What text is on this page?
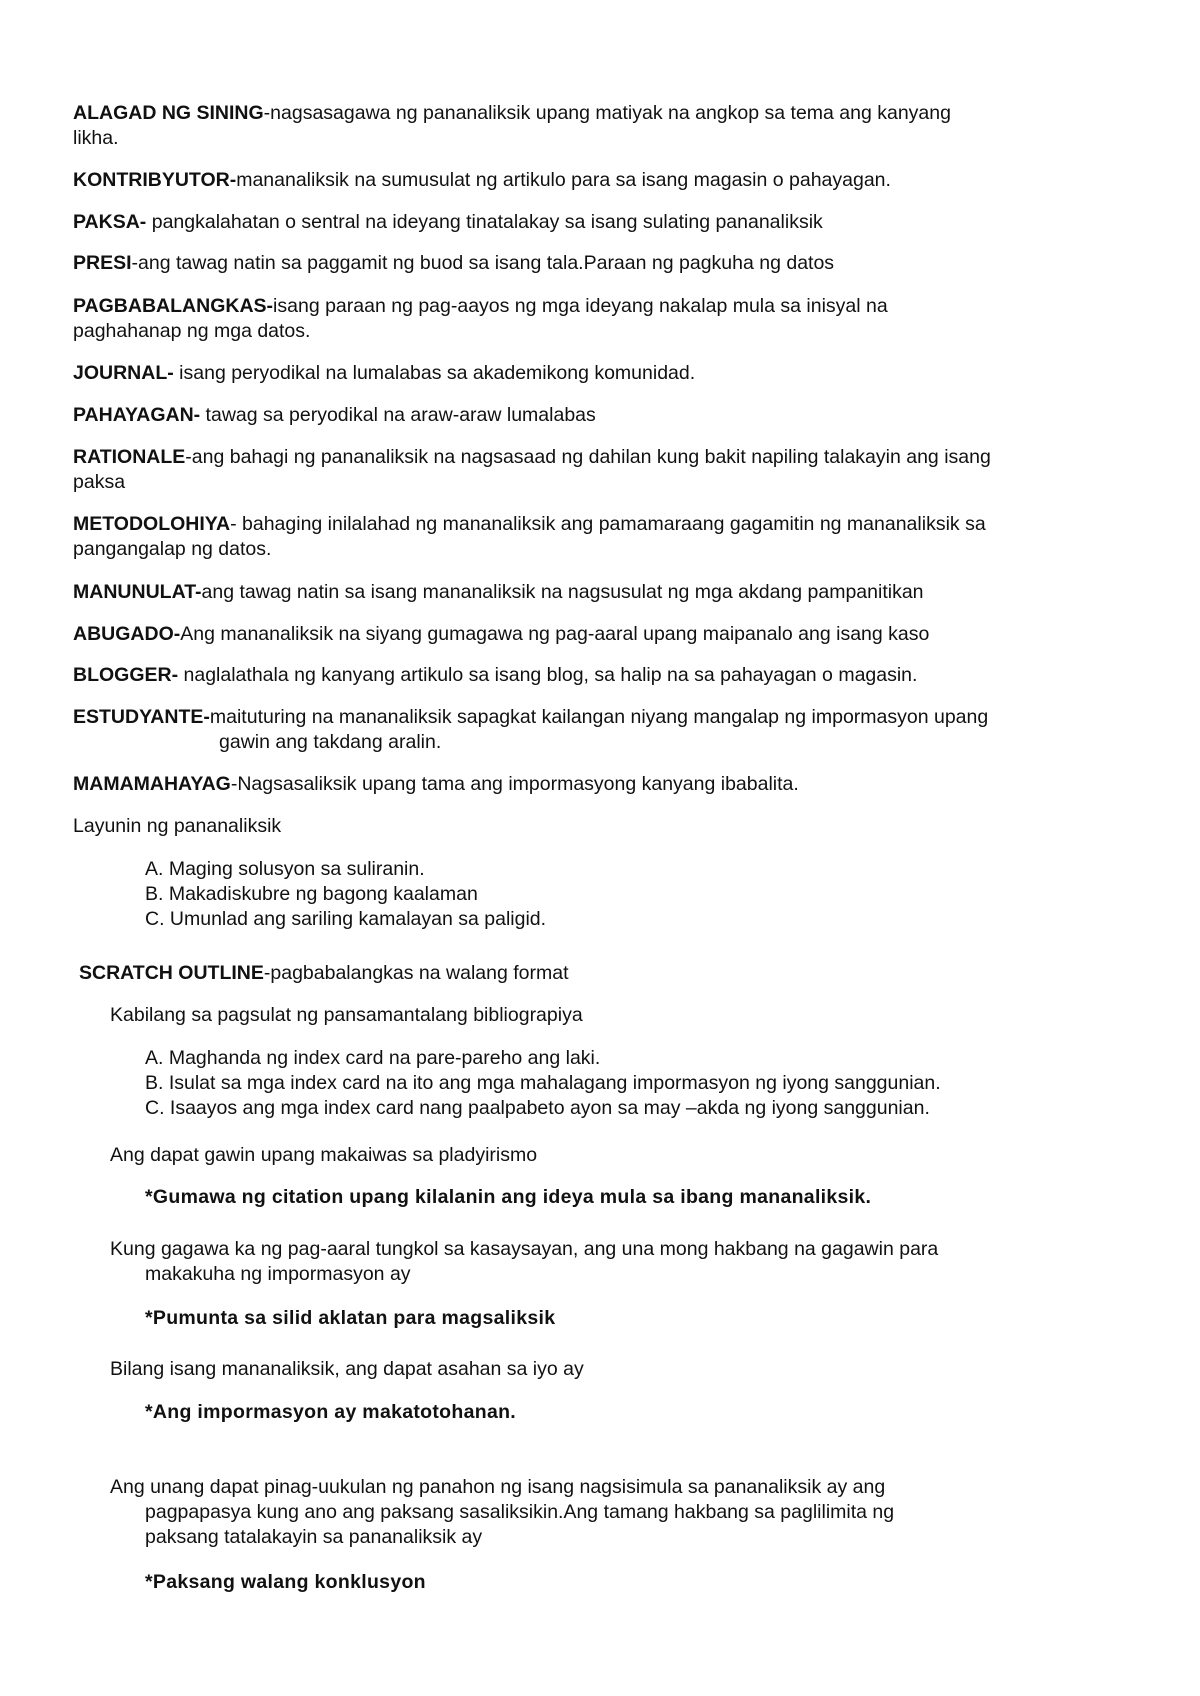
ALAGAD NG SINING-nagsasagawa ng pananaliksik upang matiyak na angkop sa tema ang kanyang

likha.

KONTRIBYUTOR-mananaliksik na sumusulat ng artikulo para sa isang magasin o pahayagan.

PAKSA- pangkalahatan o sentral na ideyang tinatalakay sa isang sulating pananaliksik

PRESI-ang tawag natin sa paggamit ng buod sa isang tala.Paraan ng pagkuha ng datos

PAGBABALANGKAS-isang paraan ng pag-aayos ng mga ideyang nakalap mula sa inisyal na

paghahanap ng mga datos.

JOURNAL- isang peryodikal na lumalabas sa akademikong komunidad.

PAHAYAGAN- tawag sa peryodikal na araw-araw lumalabas

RATIONALE-ang bahagi ng pananaliksik na nagsasaad ng dahilan kung bakit napiling talakayin ang isang

paksa

METODOLOHIYA- bahaging inilalahad ng mananaliksik ang pamamaraang gagamitin ng mananaliksik sa

pangangalap ng datos.

MANUNULAT-ang tawag natin sa isang mananaliksik na nagsusulat ng mga akdang pampanitikan

ABUGADO-Ang mananaliksik na siyang gumagawa ng pag-aaral upang maipanalo ang isang kaso

BLOGGER- naglalathala ng kanyang artikulo sa isang blog, sa halip na sa pahayagan o magasin.

ESTUDYANTE-maituturing na mananaliksik sapagkat kailangan niyang mangalap ng impormasyon upang

gawin ang takdang aralin.

MAMAMAHAYAG-Nagsasaliksik upang tama ang impormasyong kanyang ibabalita.

Layunin ng pananaliksik

A. Maging solusyon sa suliranin.

B. Makadiskubre ng bagong kaalaman

C. Umunlad ang sariling kamalayan sa paligid.

SCRATCH OUTLINE-pagbabalangkas na walang format

Kabilang sa pagsulat ng pansamantalang bibliograpiya

A. Maghanda ng index card na pare-pareho ang laki.

B. Isulat sa mga index card na ito ang mga mahalagang impormasyon ng iyong sanggunian.

C. Isaayos ang mga index card nang paalpabeto ayon sa may –akda ng iyong sanggunian.

Ang dapat gawin upang makaiwas sa pladyirismo

*Gumawa ng citation upang kilalanin ang ideya mula sa ibang mananaliksik.

Kung gagawa ka ng pag-aaral tungkol sa kasaysayan, ang una mong hakbang na gagawin para

makakuha ng impormasyon ay

*Pumunta sa silid aklatan para magsaliksik

Bilang isang mananaliksik, ang dapat asahan sa iyo ay

*Ang impormasyon ay makatotohanan.

Ang unang dapat pinag-uukulan ng panahon ng isang nagsisimula sa pananaliksik ay ang

pagpapasya kung ano ang paksang sasaliksikin.Ang tamang hakbang sa paglilimita ng

paksang tatalakayin sa pananaliksik ay

*Paksang walang konklusyon
